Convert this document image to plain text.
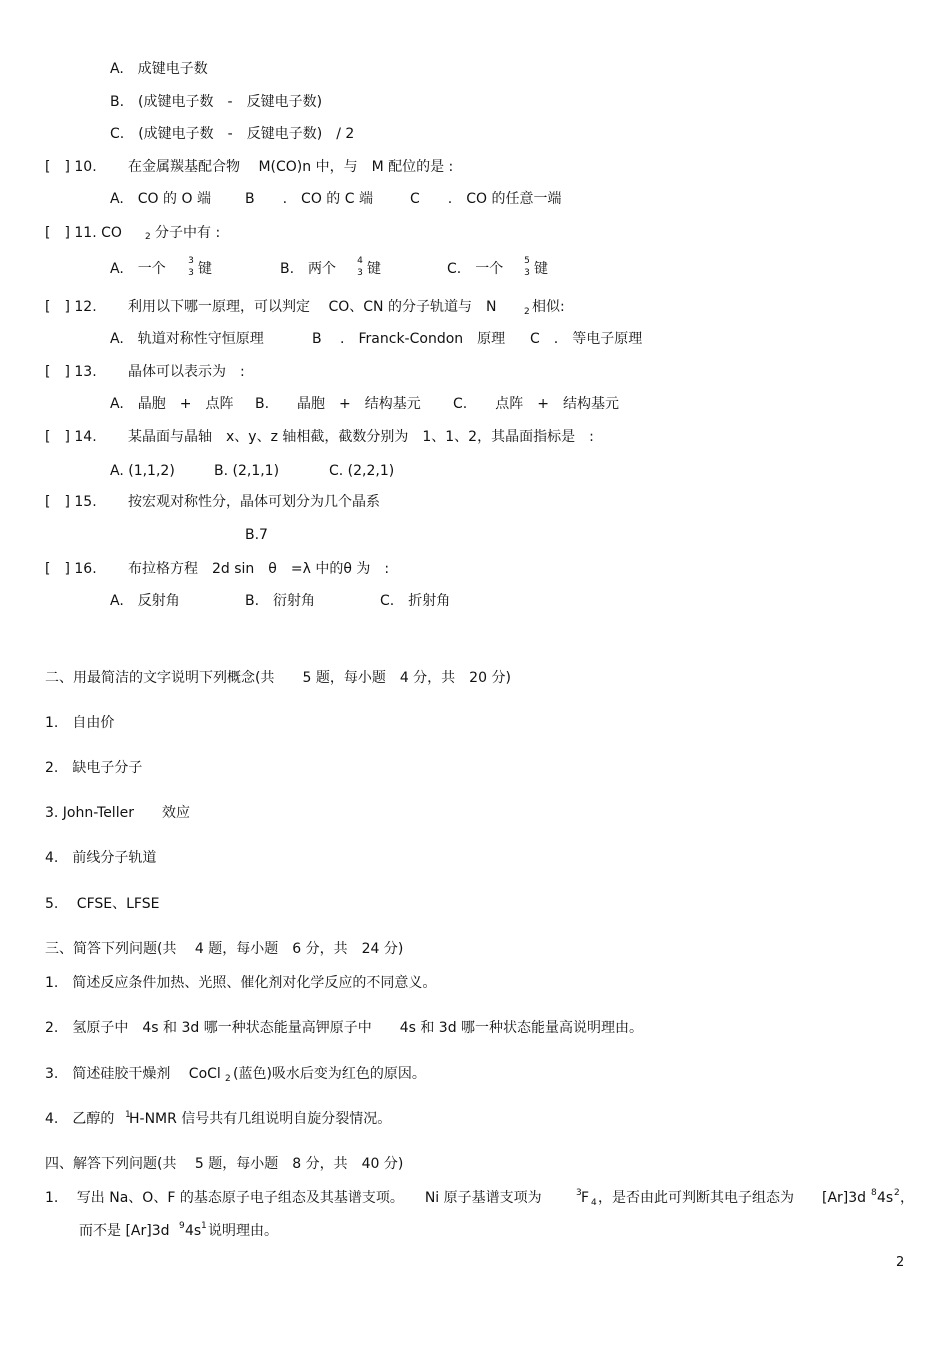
A.　成键电子数
B.　(成键电子数　-　反键电子数)
C.　(成键电子数　-　反键电子数)　/ 2
[　] 10. 在金属羰基配合物　 M(CO)n 中，与　M 配位的是 :
A.　CO 的 O 端 B　　.　CO 的 C 端	C　　.　CO 的任意一端
[　] 11. CO	2 分子中有 :
A.　一个	3
3 键	B.　两个	4
3 键	C.　一个	5
3 键
[　] 12. 利用以下哪一原理，可以判定　 CO、CN 的分子轨道与　N	2 相似:
A.　轨道对称性守恒原理	B　 .　Franck-Condon　原理 C　.　等电子原理
[　] 13. 晶体可以表示为　:
A.　晶胞　+　点阵 B.　　晶胞　+　结构基元 C.　　点阵　+　结构基元
[　] 14. 某晶面与晶轴　x、y、z 轴相截，截数分别为　1、1、2，其晶面指标是　:
A. (1,1,2)	B. (2,1,1)	C. (2,2,1)
[　] 15. 按宏观对称性分，晶体可划分为几个晶系
B.7
[　] 16. 布拉格方程　2d sin　θ　=λ 中的θ 为　:
A.　反射角	B.　衍射角	C.　折射角
二、用最简洁的文字说明下列概念(共　　5 题，每小题　4 分，共　20 分)
1.　自由价
2.　缺电子分子
3. John-Teller　　效应
4.　前线分子轨道
5.　 CFSE、LFSE
三、简答下列问题(共　 4 题，每小题　6 分，共　24 分)
1.　简述反应条件加热、光照、催化剂对化学反应的不同意义。
2.　氢原子中　4s 和 3d 哪一种状态能量高钾原子中　　4s 和 3d 哪一种状态能量高说明理由。
3.　简述硅胶干燥剂　 CoCl 2 (蓝色)吸水后变为红色的原因。
4.　乙醇的 1
H-NMR 信号共有几组说明自旋分裂情况。
四、解答下列问题(共　 5 题，每小题　8 分，共　40 分)
1.　 写出 Na、O、F 的基态原子电子组态及其基谱支项。　　Ni 原子基谱支项为	3 F 4 ，是否由此可判断其电子组态为　　[Ar]3d 8 4s 2 ，
而不是 [Ar]3d 9 4s 1 说明理由。
2
